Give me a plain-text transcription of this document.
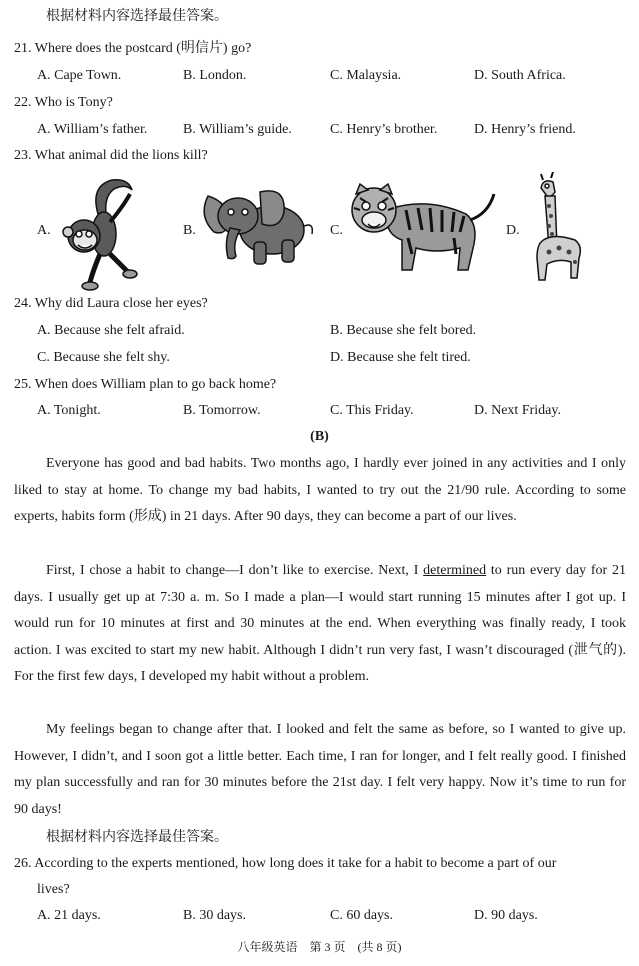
根据材料内容选择最佳答案。
21. Where does the postcard (明信片) go?
A. Cape Town.	B. London.	C. Malaysia.	D. South Africa.
22. Who is Tony?
A. William’s father.	B. William’s guide.	C. Henry’s brother.	D. Henry’s friend.
23. What animal did the lions kill?
A.	B.	C.	D.
24. Why did Laura close her eyes?
A. Because she felt afraid.	B. Because she felt bored.
C. Because she felt shy.	D. Because she felt tired.
25. When does William plan to go back home?
A. Tonight.	B. Tomorrow.	C. This Friday.	D. Next Friday.
(B)
Everyone has good and bad habits. Two months ago, I hardly ever joined in any activities and I only liked to stay at home. To change my bad habits, I wanted to try out the 21/90 rule. According to some experts, habits form (形成) in 21 days. After 90 days, they can become a part of our lives.
First, I chose a habit to change—I don’t like to exercise. Next, I determined to run every day for 21 days. I usually get up at 7:30 a. m. So I made a plan—I would start running 15 minutes after I got up. I would run for 10 minutes at first and 30 minutes at the end. When everything was finally ready, I took action. I was excited to start my new habit. Although I didn’t run very fast, I wasn’t discouraged (泄气的). For the first few days, I developed my habit without a problem.
My feelings began to change after that. I looked and felt the same as before, so I wanted to give up. However, I didn’t, and I soon got a little better. Each time, I ran for longer, and I felt really good. I finished my plan successfully and ran for 30 minutes before the 21st day. I felt very happy. Now it’s time to run for 90 days!
根据材料内容选择最佳答案。
26. According to the experts mentioned, how long does it take for a habit to become a part of our
lives?
A. 21 days.	B. 30 days.	C. 60 days.	D. 90 days.
八年级英语　第 3 页　(共 8 页)
